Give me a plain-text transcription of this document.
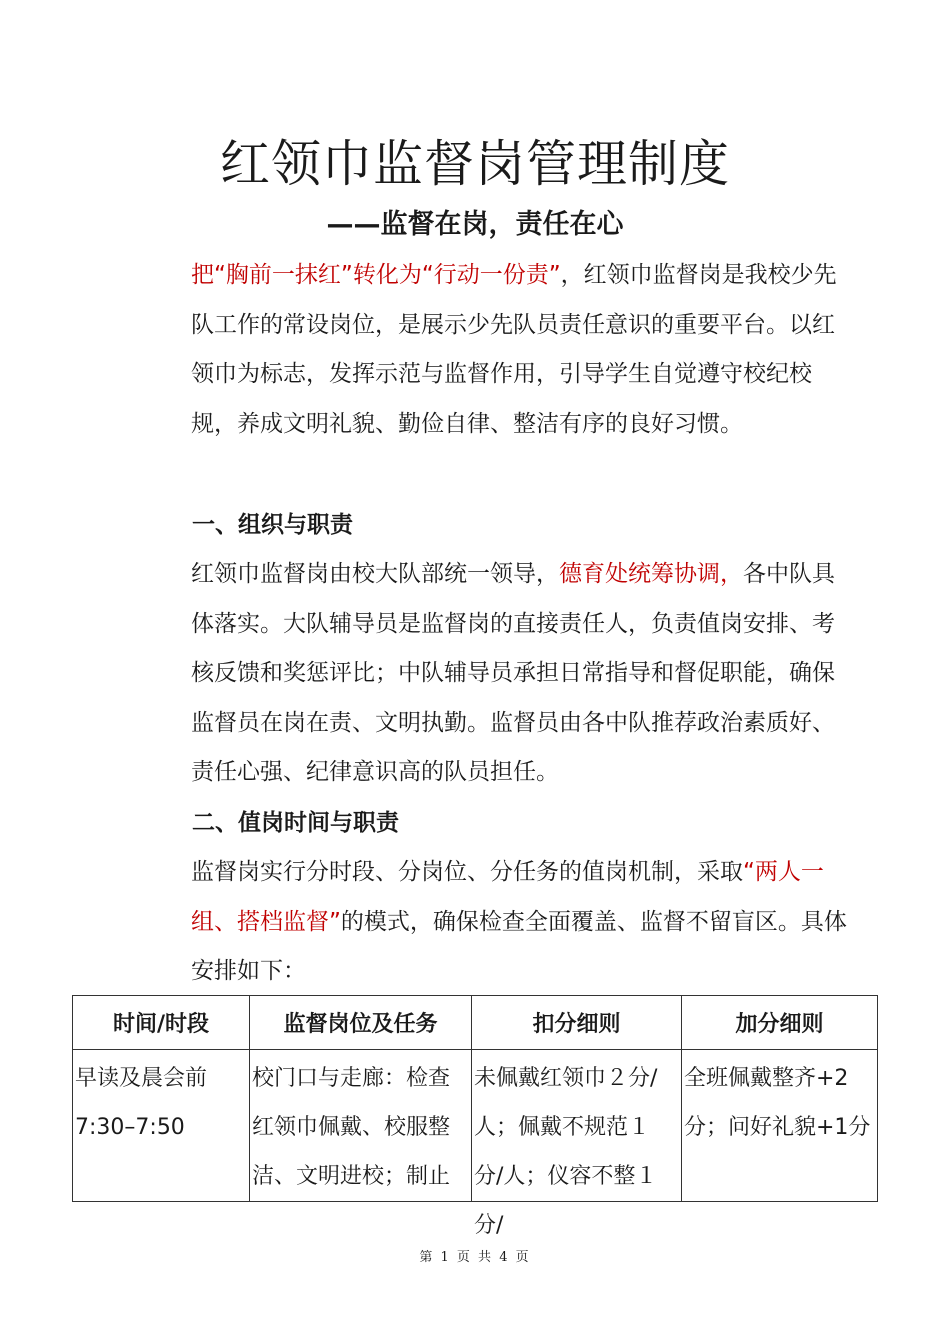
红领巾监督岗管理制度
——监督在岗，责任在心

把“胸前一抹红”转化为“行动一份责”，红领巾监督岗是我校少先队工作的常设岗位，是展示少先队员责任意识的重要平台。以红领巾为标志，发挥示范与监督作用，引导学生自觉遵守校纪校规，养成文明礼貌、勤俭自律、整洁有序的良好习惯。

一、组织与职责

红领巾监督岗由校大队部统一领导，德育处统筹协调，各中队具体落实。大队辅导员是监督岗的直接责任人，负责值岗安排、考核反馈和奖惩评比；中队辅导员承担日常指导和督促职能，确保监督员在岗在责、文明执勤。监督员由各中队推荐政治素质好、责任心强、纪律意识高的队员担任。

二、值岗时间与职责

监督岗实行分时段、分岗位、分任务的值岗机制，采取“两人一组、搭档监督”的模式，确保检查全面覆盖、监督不留盲区。具体安排如下：

时间/时段	监督岗位及任务	扣分细则	加分细则

早读及晨会前
7:30–7:50	校门口与走廊：检查红领巾佩戴、校服整洁、文明进校；制止	未佩戴红领巾２分/人；佩戴不规范１分/人；仪容不整１分/	全班佩戴整齐+2分；问好礼貌+1分
第 1 页 共 4 页
